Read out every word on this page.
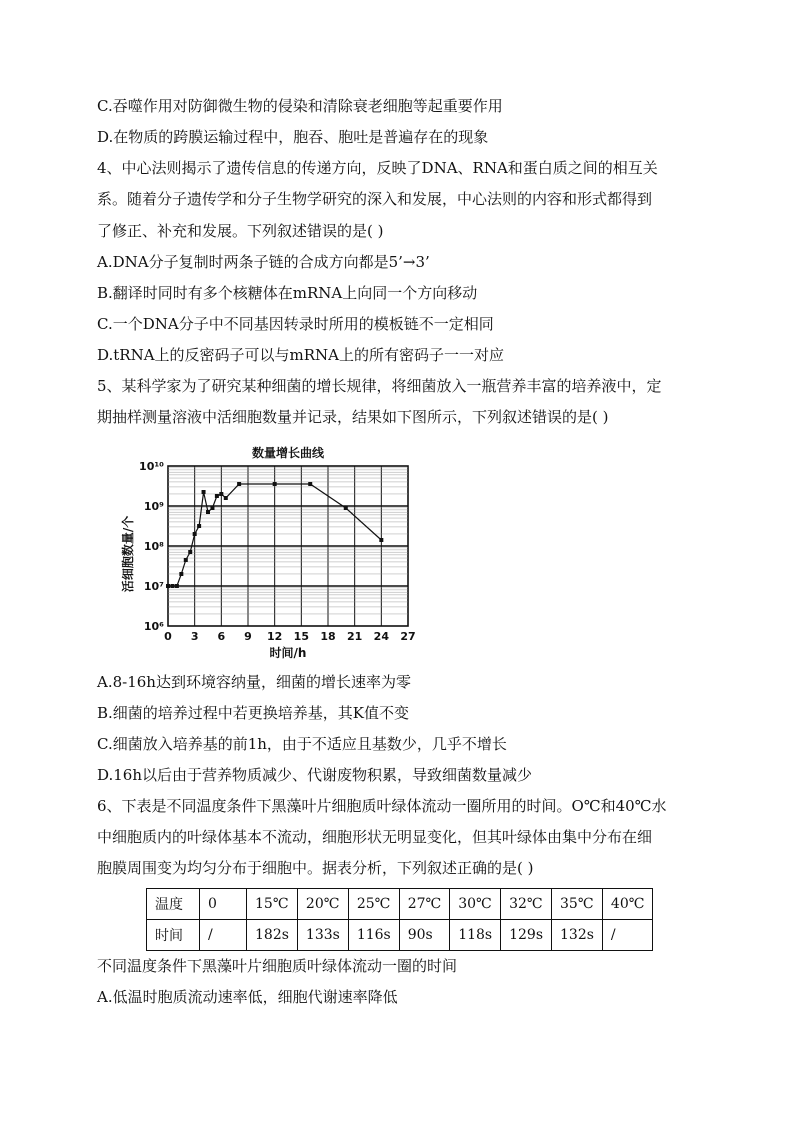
C.吞噬作用对防御微生物的侵染和清除衰老细胞等起重要作用
D.在物质的跨膜运输过程中，胞吞、胞吐是普遍存在的现象
4、中心法则揭示了遗传信息的传递方向，反映了DNA、RNA和蛋白质之间的相互关
系。随着分子遗传学和分子生物学研究的深入和发展，中心法则的内容和形式都得到
了修正、补充和发展。下列叙述错误的是( )
A.DNA分子复制时两条子链的合成方向都是5’→3’
B.翻译时同时有多个核糖体在mRNA上向同一个方向移动
C.一个DNA分子中不同基因转录时所用的模板链不一定相同
D.tRNA上的反密码子可以与mRNA上的所有密码子一一对应
5、某科学家为了研究某种细菌的增长规律，将细菌放入一瓶营养丰富的培养液中，定
期抽样测量溶液中活细胞数量并记录，结果如下图所示，下列叙述错误的是( )
数量增长曲线
活细胞数量/个
时间/h
0 3 6 9 12 15 18 21 24 27
10⁶
10⁷
10⁸
10⁹
10¹⁰
A.8-16h达到环境容纳量，细菌的增长速率为零
B.细菌的培养过程中若更换培养基，其K值不变
C.细菌放入培养基的前1h，由于不适应且基数少，几乎不增长
D.16h以后由于营养物质减少、代谢废物积累，导致细菌数量减少
6、下表是不同温度条件下黑藻叶片细胞质叶绿体流动一圈所用的时间。O℃和40℃水
中细胞质内的叶绿体基本不流动，细胞形状无明显变化，但其叶绿体由集中分布在细
胞膜周围变为均匀分布于细胞中。据表分析，下列叙述正确的是( )
温度	0	15℃	20℃	25℃	27℃	30℃	32℃	35℃	40℃
时间	/	182s	133s	116s	90s	118s	129s	132s	/
不同温度条件下黑藻叶片细胞质叶绿体流动一圈的时间
A.低温时胞质流动速率低，细胞代谢速率降低
